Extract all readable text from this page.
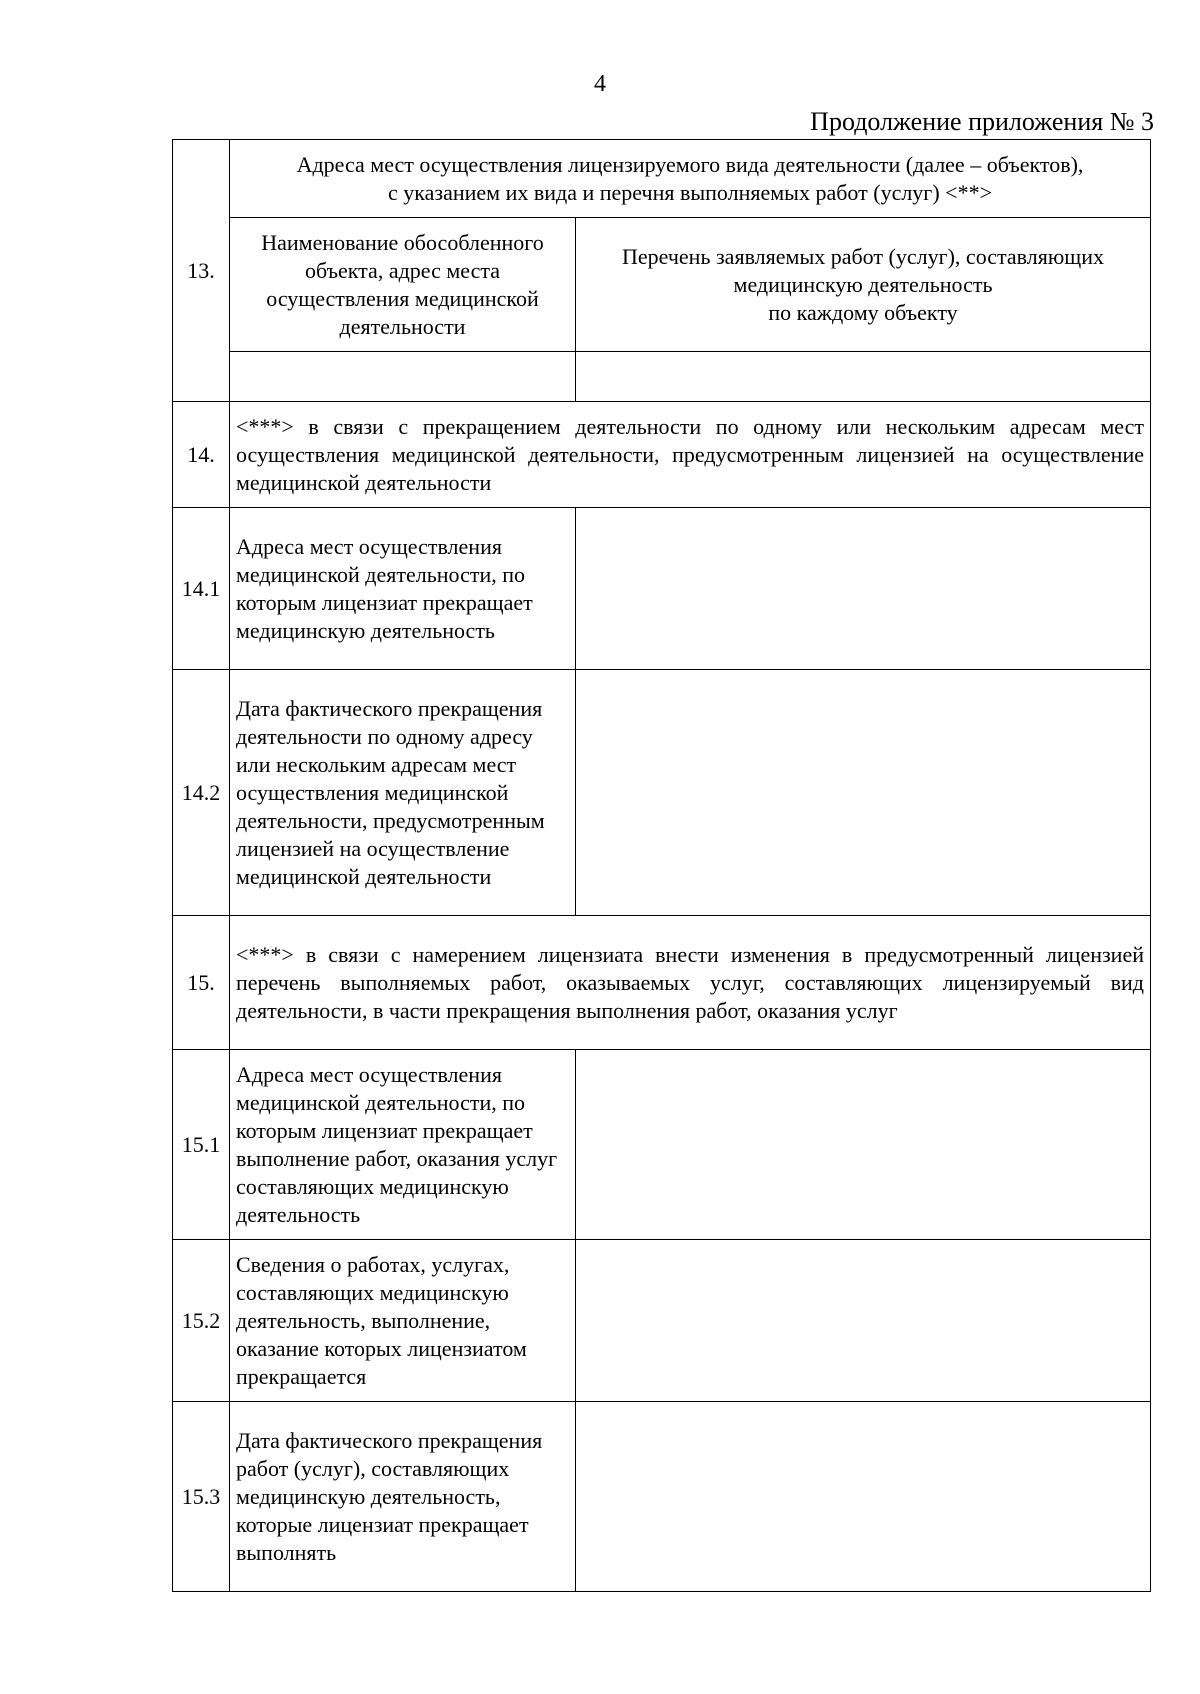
4
Продолжение приложения № 3
13.	Адреса мест осуществления лицензируемого вида деятельности (далее – объектов),
с указанием их вида и перечня выполняемых работ (услуг) <**>	

	Наименование обособленного объекта, адрес места осуществления медицинской деятельности	Перечень заявляемых работ (услуг), составляющих
медицинскую деятельность
по каждому объекту

14.	<***> в связи с прекращением деятельности по одному или нескольким адресам мест осуществления медицинской деятельности, предусмотренным лицензией на осуществление медицинской деятельности	
14.1	Адреса мест осуществления медицинской деятельности, по которым лицензиат прекращает медицинскую деятельность	
14.2	Дата фактического прекращения деятельности по одному адресу или нескольким адресам мест осуществления медицинской деятельности, предусмотренным лицензией на осуществление медицинской деятельности	
15.	<***> в связи с намерением лицензиата внести изменения в предусмотренный лицензией перечень выполняемых работ, оказываемых услуг, составляющих лицензируемый вид деятельности, в части прекращения выполнения работ, оказания услуг	
15.1	Адреса мест осуществления медицинской деятельности, по которым лицензиат прекращает выполнение работ, оказания услуг составляющих медицинскую деятельность	
15.2	Сведения о работах, услугах, составляющих медицинскую деятельность, выполнение, оказание которых лицензиатом прекращается	
15.3	Дата фактического прекращения работ (услуг), составляющих медицинскую деятельность, которые лицензиат прекращает выполнять	
